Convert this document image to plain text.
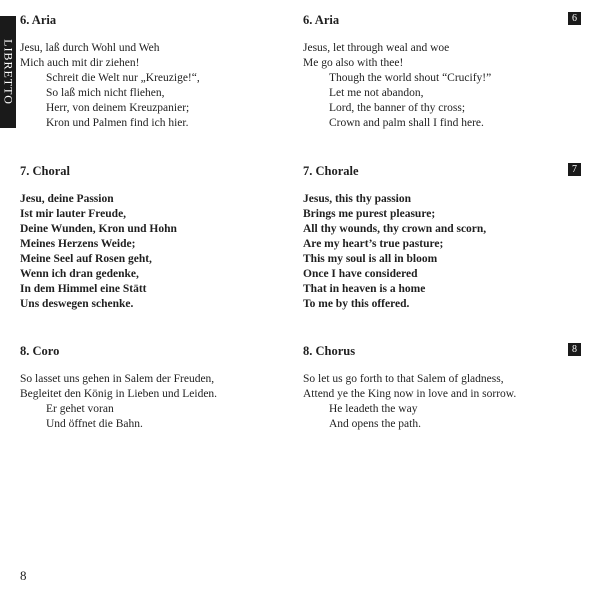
LIBRETTO
6. Aria
Jesu, laß durch Wohl und Weh
Mich auch mit dir ziehen!
Schreit die Welt nur „Kreuzige!“,
So laß mich nicht fliehen,
Herr, von deinem Kreuzpanier;
Kron und Palmen find ich hier.
7. Choral
Jesu, deine Passion
Ist mir lauter Freude,
Deine Wunden, Kron und Hohn
Meines Herzens Weide;
Meine Seel auf Rosen geht,
Wenn ich dran gedenke,
In dem Himmel eine Stätt
Uns deswegen schenke.
8. Coro
So lasset uns gehen in Salem der Freuden,
Begleitet den König in Lieben und Leiden.
Er gehet voran
Und öffnet die Bahn.
6. Aria
Jesus, let through weal and woe
Me go also with thee!
Though the world shout “Crucify!”
Let me not abandon,
Lord, the banner of thy cross;
Crown and palm shall I find here.
7. Chorale
Jesus, this thy passion
Brings me purest pleasure;
All thy wounds, thy crown and scorn,
Are my heart’s true pasture;
This my soul is all in bloom
Once I have considered
That in heaven is a home
To me by this offered.
8. Chorus
So let us go forth to that Salem of gladness,
Attend ye the King now in love and in sorrow.
He leadeth the way
And opens the path.
6
7
8
8
